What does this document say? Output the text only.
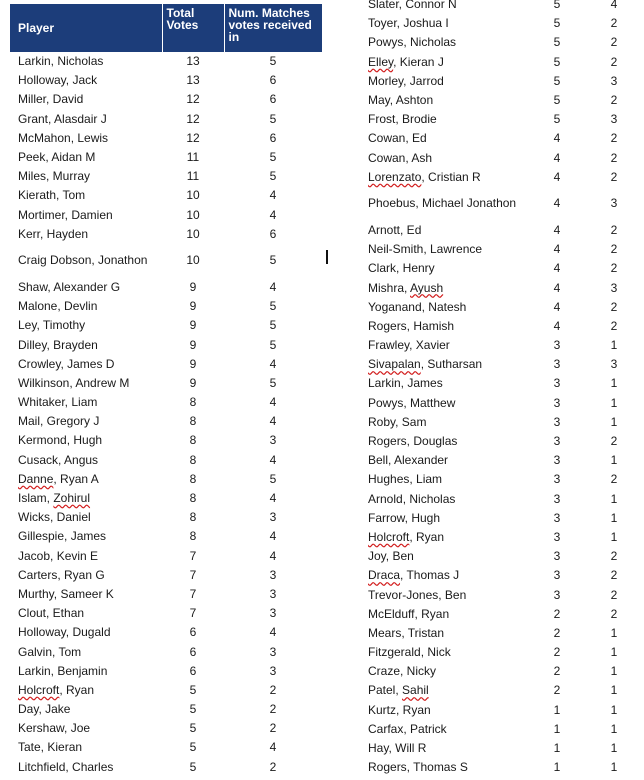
Player	Total Votes	Num. Matches votes received in
Larkin, Nicholas	13	5
Holloway, Jack	13	6
Miller, David	12	6
Grant, Alasdair J	12	5
McMahon, Lewis	12	6
Peek, Aidan M	11	5
Miles, Murray	11	5
Kierath, Tom	10	4
Mortimer, Damien	10	4
Kerr, Hayden	10	6
Craig Dobson, Jonathon	10	5
Shaw, Alexander G	9	4
Malone, Devlin	9	5
Ley, Timothy	9	5
Dilley, Brayden	9	5
Crowley, James D	9	4
Wilkinson, Andrew M	9	5
Whitaker, Liam	8	4
Mail, Gregory J	8	4
Kermond, Hugh	8	3
Cusack, Angus	8	4
Danne, Ryan A	8	5
Islam, Zohirul	8	4
Wicks, Daniel	8	3
Gillespie, James	8	4
Jacob, Kevin E	7	4
Carters, Ryan G	7	3
Murthy, Sameer K	7	3
Clout, Ethan	7	3
Holloway, Dugald	6	4
Galvin, Tom	6	3
Larkin, Benjamin	6	3
Holcroft, Ryan	5	2
Day, Jake	5	2
Kershaw, Joe	5	2
Tate, Kieran	5	4
Litchfield, Charles	5	2
Slater, Connor N	5	4
Toyer, Joshua I	5	2
Powys, Nicholas	5	2
Elley, Kieran J	5	2
Morley, Jarrod	5	3
May, Ashton	5	2
Frost, Brodie	5	3
Cowan, Ed	4	2
Cowan, Ash	4	2
Lorenzato, Cristian R	4	2
Phoebus, Michael Jonathon	4	3
Arnott, Ed	4	2
Neil-Smith, Lawrence	4	2
Clark, Henry	4	2
Mishra, Ayush	4	3
Yoganand, Natesh	4	2
Rogers, Hamish	4	2
Frawley, Xavier	3	1
Sivapalan, Sutharsan	3	3
Larkin, James	3	1
Powys, Matthew	3	1
Roby, Sam	3	1
Rogers, Douglas	3	2
Bell, Alexander	3	1
Hughes, Liam	3	2
Arnold, Nicholas	3	1
Farrow, Hugh	3	1
Holcroft, Ryan	3	1
Joy, Ben	3	2
Draca, Thomas J	3	2
Trevor-Jones, Ben	3	2
McElduff, Ryan	2	2
Mears, Tristan	2	1
Fitzgerald, Nick	2	1
Craze, Nicky	2	1
Patel, Sahil	2	1
Kurtz, Ryan	1	1
Carfax, Patrick	1	1
Hay, Will R	1	1
Rogers, Thomas S	1	1
